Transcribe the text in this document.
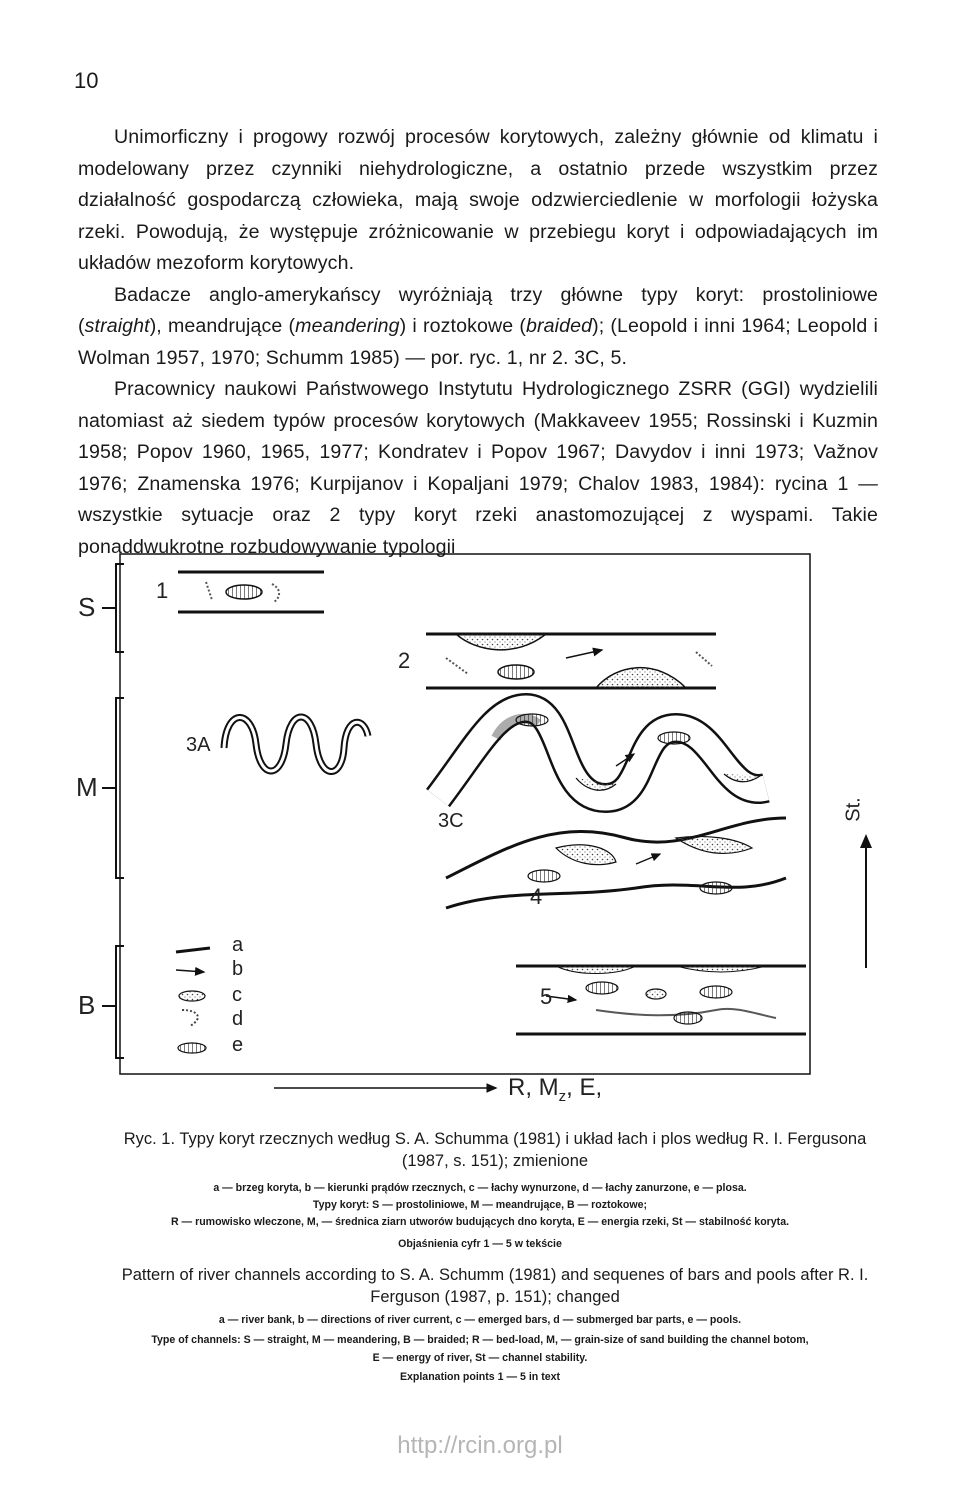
10

Unimorficzny i progowy rozwój procesów korytowych, zależny głównie od klimatu i modelowany przez czynniki niehydrologiczne, a ostatnio przede wszystkim przez działalność gospodarczą człowieka, mają swoje odzwierciedlenie w morfologii łożyska rzeki. Powodują, że występuje zróżnicowanie w przebiegu koryt i odpowiadających im układów mezoform korytowych.

Badacze anglo-amerykańscy wyróżniają trzy główne typy koryt: prostoliniowe (straight), meandrujące (meandering) i roztokowe (braided); (Leopold i inni 1964; Leopold i Wolman 1957, 1970; Schumm 1985) — por. ryc. 1, nr 2. 3C, 5.

Pracownicy naukowi Państwowego Instytutu Hydrologicznego ZSRR (GGI) wydzielili natomiast aż siedem typów procesów korytowych (Makkaveev 1955; Rossinski i Kuzmin 1958; Popov 1960, 1965, 1977; Kondratev i Popov 1967; Davydov i inni 1973; Važnov 1976; Znamenska 1976; Kurpijanov i Kopaljani 1979; Chalov 1983, 1984): rycina 1 — wszystkie sytuacje oraz 2 typy koryt rzeki anastomozującej z wyspami. Takie ponaddwukrotne rozbudowywanie typologii

S
M
B
1
2
3A
3C
4
5
a
b
c
d
e
R, $M_z$, E,
St.
Ryc. 1. Typy koryt rzecznych według S. A. Schumma (1981) i układ łach i plos według R. I. Fergusona (1987, s. 151); zmienione
a — brzeg koryta, b — kierunki prądów rzecznych, c — łachy wynurzone, d — łachy zanurzone, e — plosa.
Typy koryt: S — prostoliniowe, M — meandrujące, B — roztokowe;
R — rumowisko wleczone, M, — średnica ziarn utworów budujących dno koryta, E — energia rzeki, St — stabilność koryta.
Objaśnienia cyfr 1 — 5 w tekście
Pattern of river channels according to S. A. Schumm (1981) and sequenes of bars and pools after R. I. Ferguson (1987, p. 151); changed
a — river bank, b — directions of river current, c — emerged bars, d — submerged bar parts, e — pools.
Type of channels: S — straight, M — meandering, B — braided; R — bed-load, M, — grain-size of sand building the channel botom,
E — energy of river, St — channel stability.
Explanation points 1 — 5 in text
http://rcin.org.pl
